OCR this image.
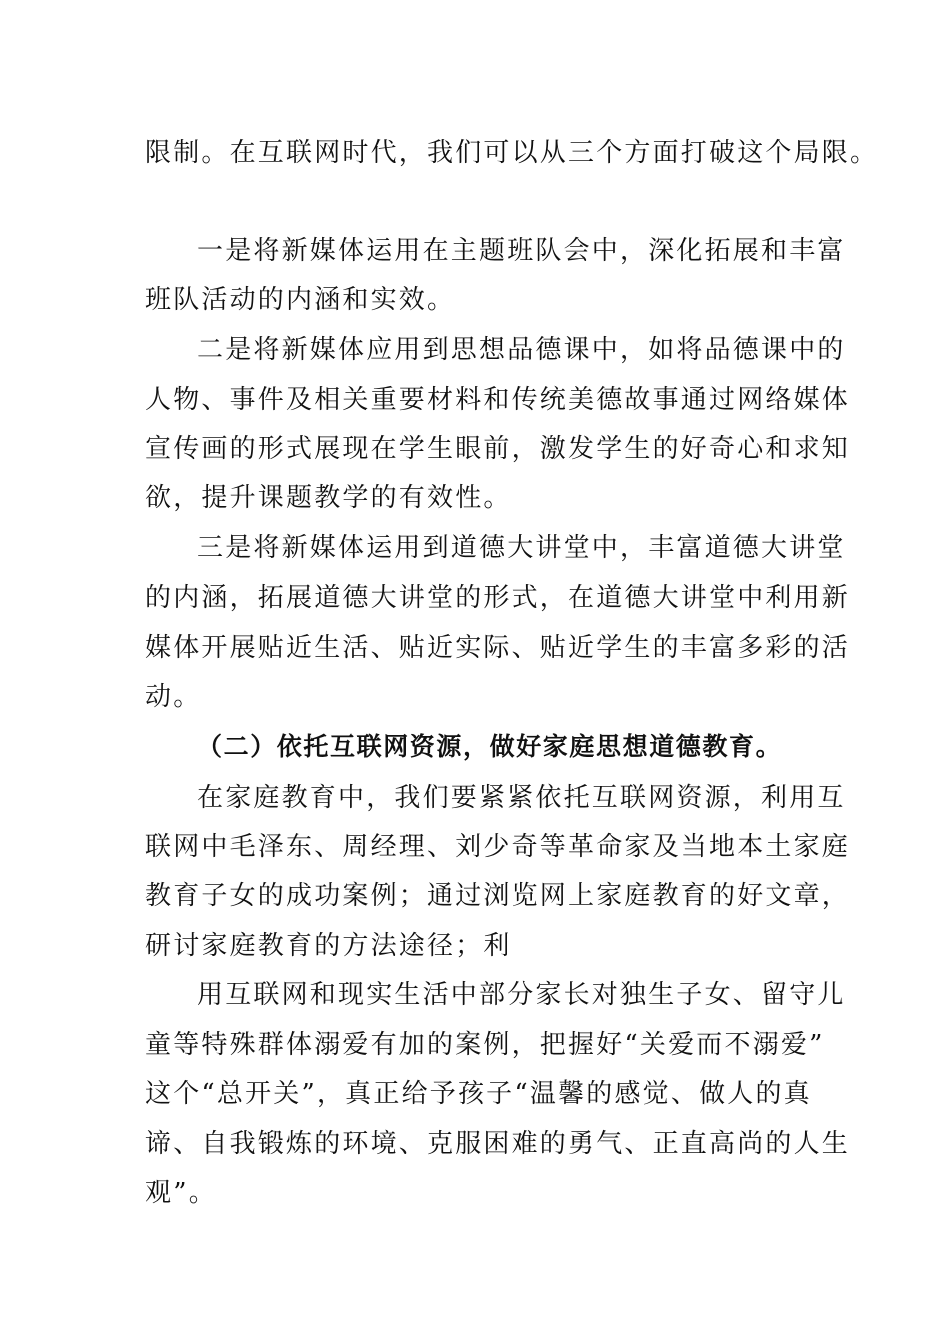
限制。在互联网时代，我们可以从三个方面打破这个局限。
一是将新媒体运用在主题班队会中，深化拓展和丰富
班队活动的内涵和实效。
二是将新媒体应用到思想品德课中，如将品德课中的
人物、事件及相关重要材料和传统美德故事通过网络媒体
宣传画的形式展现在学生眼前，激发学生的好奇心和求知
欲，提升课题教学的有效性。
三是将新媒体运用到道德大讲堂中，丰富道德大讲堂
的内涵，拓展道德大讲堂的形式，在道德大讲堂中利用新
媒体开展贴近生活、贴近实际、贴近学生的丰富多彩的活
动。
（二）依托互联网资源，做好家庭思想道德教育。
在家庭教育中，我们要紧紧依托互联网资源，利用互
联网中毛泽东、周经理、刘少奇等革命家及当地本土家庭
教育子女的成功案例；通过浏览网上家庭教育的好文章，
研讨家庭教育的方法途径；利
用互联网和现实生活中部分家长对独生子女、留守儿
童等特殊群体溺爱有加的案例，把握好“关爱而不溺爱”
这个“总开关”，真正给予孩子“温馨的感觉、做人的真
谛、自我锻炼的环境、克服困难的勇气、正直高尚的人生
观”。
